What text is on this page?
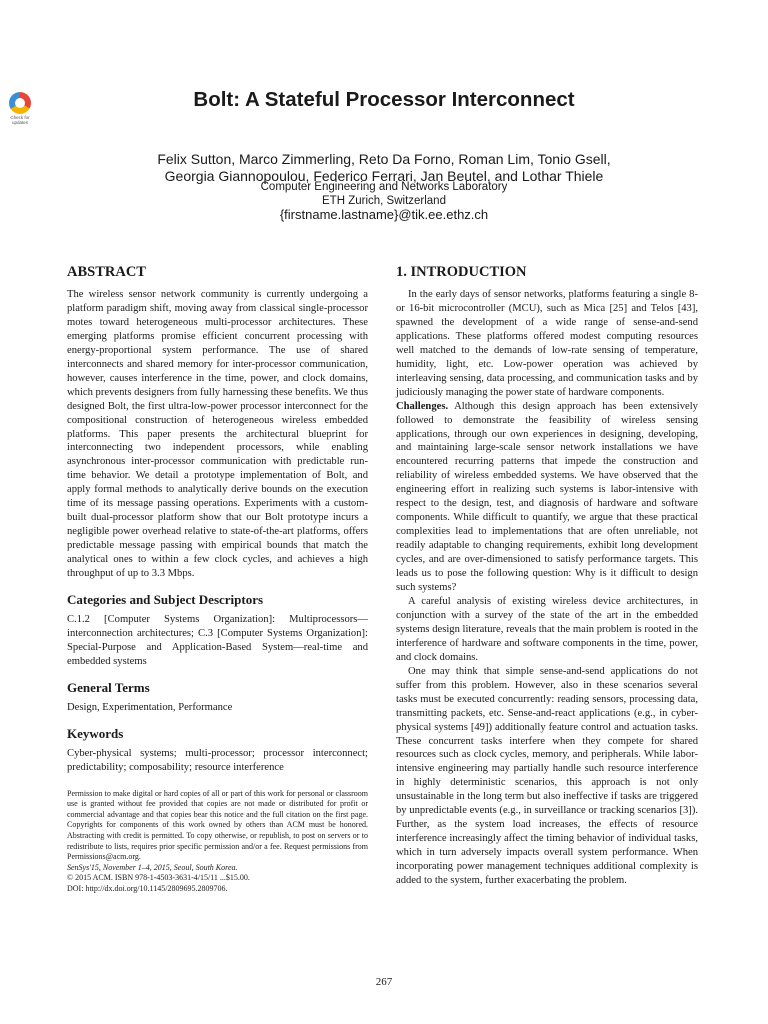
Check for updates
Bolt: A Stateful Processor Interconnect
Felix Sutton, Marco Zimmerling, Reto Da Forno, Roman Lim, Tonio Gsell,
Georgia Giannopoulou, Federico Ferrari, Jan Beutel, and Lothar Thiele
Computer Engineering and Networks Laboratory
ETH Zurich, Switzerland
{firstname.lastname}@tik.ee.ethz.ch
ABSTRACT

The wireless sensor network community is currently undergoing a platform paradigm shift, moving away from classical single-processor motes toward heterogeneous multi-processor architectures. These emerging platforms promise efficient concurrent processing with energy-proportional system performance. The use of shared interconnects and shared memory for inter-processor communication, however, causes interference in the time, power, and clock domains, which prevents designers from fully harnessing these benefits. We thus designed Bolt, the first ultra-low-power processor interconnect for the compositional construction of heterogeneous wireless embedded platforms. This paper presents the architectural blueprint for interconnecting two independent processors, while enabling asynchronous inter-processor communication with predictable run-time behavior. We detail a prototype implementation of Bolt, and apply formal methods to analytically derive bounds on the execution time of its message passing operations. Experiments with a custom-built dual-processor platform show that our Bolt prototype incurs a negligible power overhead relative to state-of-the-art platforms, offers predictable message passing with empirical bounds that match the analytical ones to within a few clock cycles, and achieves a high throughput of up to 3.3 Mbps.

Categories and Subject Descriptors

C.1.2 [Computer Systems Organization]: Multiprocessors—interconnection architectures; C.3 [Computer Systems Organization]: Special-Purpose and Application-Based System—real-time and embedded systems

General Terms

Design, Experimentation, Performance

Keywords

Cyber-physical systems; multi-processor; processor interconnect; predictability; composability; resource interference

Permission to make digital or hard copies of all or part of this work for personal or classroom use is granted without fee provided that copies are not made or distributed for profit or commercial advantage and that copies bear this notice and the full citation on the first page. Copyrights for components of this work owned by others than ACM must be honored. Abstracting with credit is permitted. To copy otherwise, or republish, to post on servers or to redistribute to lists, requires prior specific permission and/or a fee. Request permissions from Permissions@acm.org.
SenSys'15, November 1–4, 2015, Seoul, South Korea.
© 2015 ACM. ISBN 978-1-4503-3631-4/15/11 ...$15.00.
DOI: http://dx.doi.org/10.1145/2809695.2809706.
1. INTRODUCTION

In the early days of sensor networks, platforms featuring a single 8- or 16-bit microcontroller (MCU), such as Mica [25] and Telos [43], spawned the development of a wide range of sense-and-send applications. These platforms offered modest computing resources well matched to the demands of low-rate sensing of temperature, humidity, light, etc. Low-power operation was achieved by interleaving sensing, data processing, and communication tasks and by judiciously managing the power state of hardware components.

Challenges. Although this design approach has been extensively followed to demonstrate the feasibility of wireless sensing applications, through our own experiences in designing, developing, and maintaining large-scale sensor network installations we have encountered recurring patterns that impede the construction and reliability of wireless embedded systems. We have observed that the engineering effort in realizing such systems is labor-intensive with respect to the design, test, and diagnosis of hardware and software components. While difficult to quantify, we argue that these practical complexities lead to implementations that are often unreliable, not readily adaptable to changing requirements, exhibit long development cycles, and are over-dimensioned to satisfy performance targets. This leads us to pose the following question: Why is it difficult to design such systems?

A careful analysis of existing wireless device architectures, in conjunction with a survey of the state of the art in the embedded systems design literature, reveals that the main problem is rooted in the interference of hardware and software components in the time, power, and clock domains.

One may think that simple sense-and-send applications do not suffer from this problem. However, also in these scenarios several tasks must be executed concurrently: reading sensors, processing data, transmitting packets, etc. Sense-and-react applications (e.g., in cyber-physical systems [49]) additionally feature control and actuation tasks. These concurrent tasks interfere when they compete for shared resources such as clock cycles, memory, and peripherals. While labor-intensive engineering may partially handle such resource interference in highly deterministic scenarios, this approach is not only unsustainable in the long term but also ineffective if tasks are triggered by unpredictable events (e.g., in surveillance or tracking scenarios [3]). Further, as the system load increases, the effects of resource interference increasingly affect the timing behavior of individual tasks, which in turn adversely impacts overall system performance. When incorporating power management techniques additional complexity is added to the system, further exacerbating the problem.

267
